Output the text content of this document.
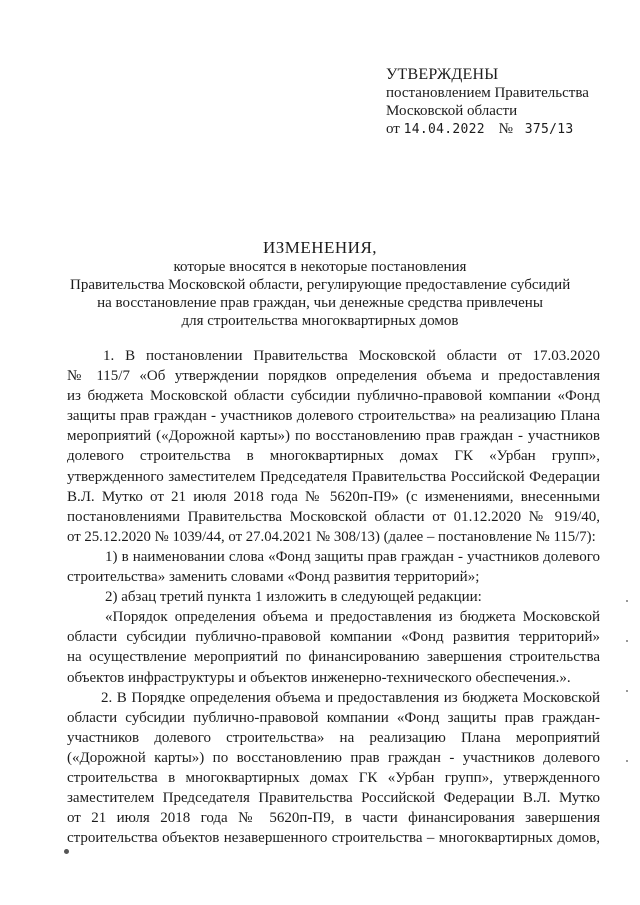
УТВЕРЖДЕНЫ
постановлением Правительства
Московской области
от 14.04.2022 № 375/13
ИЗМЕНЕНИЯ,
которые вносятся в некоторые постановления
Правительства Московской области, регулирующие предоставление субсидий
на восстановление прав граждан, чьи денежные средства привлечены
для строительства многоквартирных домов
1. В постановлении Правительства Московской области от 17.03.2020
№ 115/7 «Об утверждении порядков определения объема и предоставления
из бюджета Московской области субсидии публично-правовой компании «Фонд
защиты прав граждан - участников долевого строительства» на реализацию Плана
мероприятий («Дорожной карты») по восстановлению прав граждан - участников
долевого строительства в многоквартирных домах ГК «Урбан групп»,
утвержденного заместителем Председателя Правительства Российской Федерации
В.Л. Мутко от 21 июля 2018 года № 5620п-П9» (с изменениями, внесенными
постановлениями Правительства Московской области от 01.12.2020 № 919/40,
от 25.12.2020 № 1039/44, от 27.04.2021 № 308/13) (далее – постановление № 115/7):
1) в наименовании слова «Фонд защиты прав граждан - участников долевого
строительства» заменить словами «Фонд развития территорий»;
2) абзац третий пункта 1 изложить в следующей редакции:
«Порядок определения объема и предоставления из бюджета Московской
области субсидии публично-правовой компании «Фонд развития территорий»
на осуществление мероприятий по финансированию завершения строительства
объектов инфраструктуры и объектов инженерно-технического обеспечения.».
2. В Порядке определения объема и предоставления из бюджета Московской
области субсидии публично-правовой компании «Фонд защиты прав граждан-
участников долевого строительства» на реализацию Плана мероприятий
(«Дорожной карты») по восстановлению прав граждан - участников долевого
строительства в многоквартирных домах ГК «Урбан групп», утвержденного
заместителем Председателя Правительства Российской Федерации В.Л. Мутко
от 21 июля 2018 года № 5620п-П9, в части финансирования завершения
строительства объектов незавершенного строительства – многоквартирных домов,
